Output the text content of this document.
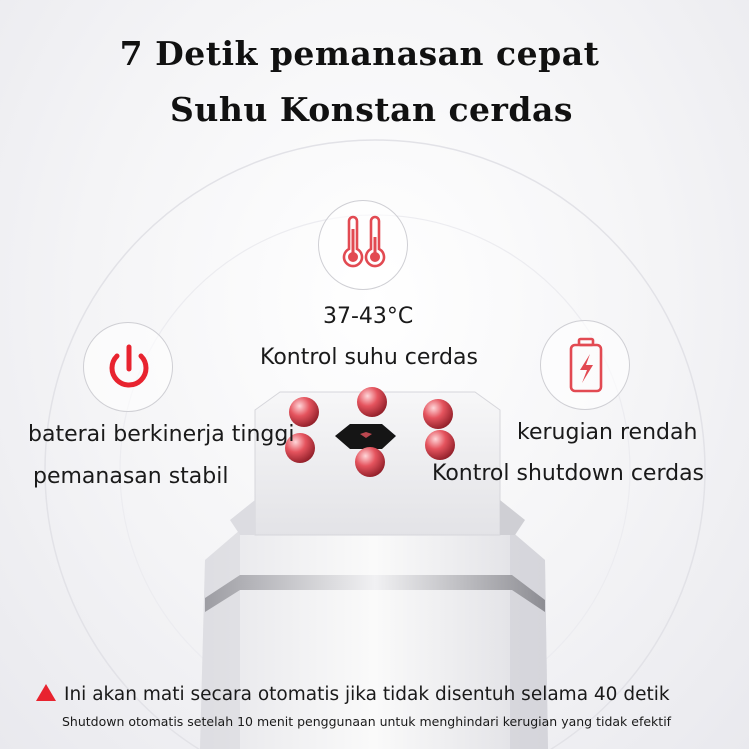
7 Detik pemanasan cepat
Suhu Konstan cerdas
37-43°C
Kontrol suhu cerdas
baterai berkinerja tinggi
pemanasan stabil
kerugian rendah
Kontrol shutdown cerdas
Ini akan mati secara otomatis jika tidak disentuh selama 40 detik
Shutdown otomatis setelah 10 menit penggunaan untuk menghindari kerugian yang tidak efektif
